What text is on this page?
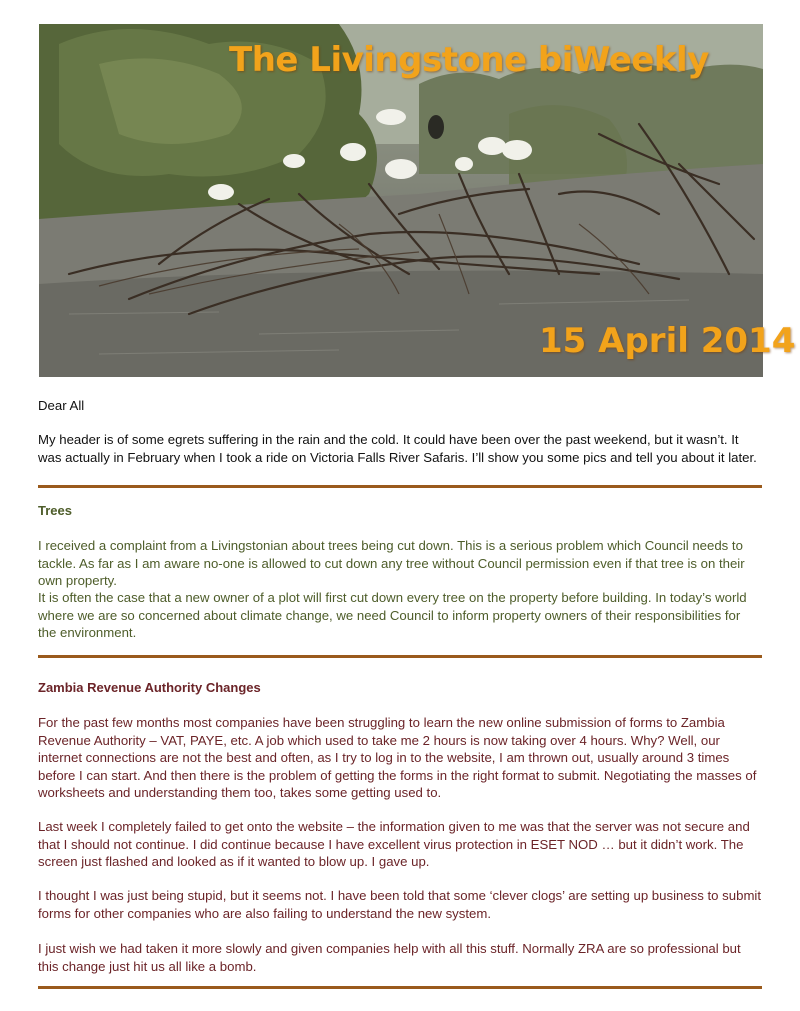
The Livingstone biWeekly
15 April 2014
Dear All
My header is of some egrets suffering in the rain and the cold. It could have been over the past weekend, but it wasn’t. It was actually in February when I took a ride on Victoria Falls River Safaris. I’ll show you some pics and tell you about it later.
Trees
I received a complaint from a Livingstonian about trees being cut down. This is a serious problem which Council needs to tackle. As far as I am aware no-one is allowed to cut down any tree without Council permission even if that tree is on their own property.
It is often the case that a new owner of a plot will first cut down every tree on the property before building. In today’s world where we are so concerned about climate change, we need Council to inform property owners of their responsibilities for the environment.
Zambia Revenue Authority Changes
For the past few months most companies have been struggling to learn the new online submission of forms to Zambia Revenue Authority – VAT, PAYE, etc. A job which used to take me 2 hours is now taking over 4 hours. Why? Well, our internet connections are not the best and often, as I try to log in to the website, I am thrown out, usually around 3 times before I can start. And then there is the problem of getting the forms in the right format to submit. Negotiating the masses of worksheets and understanding them too, takes some getting used to.
Last week I completely failed to get onto the website – the information given to me was that the server was not secure and that I should not continue. I did continue because I have excellent virus protection in ESET NOD … but it didn’t work. The screen just flashed and looked as if it wanted to blow up. I gave up.
I thought I was just being stupid, but it seems not. I have been told that some ‘clever clogs’ are setting up business to submit forms for other companies who are also failing to understand the new system.
I just wish we had taken it more slowly and given companies help with all this stuff. Normally ZRA are so professional but this change just hit us all like a bomb.
